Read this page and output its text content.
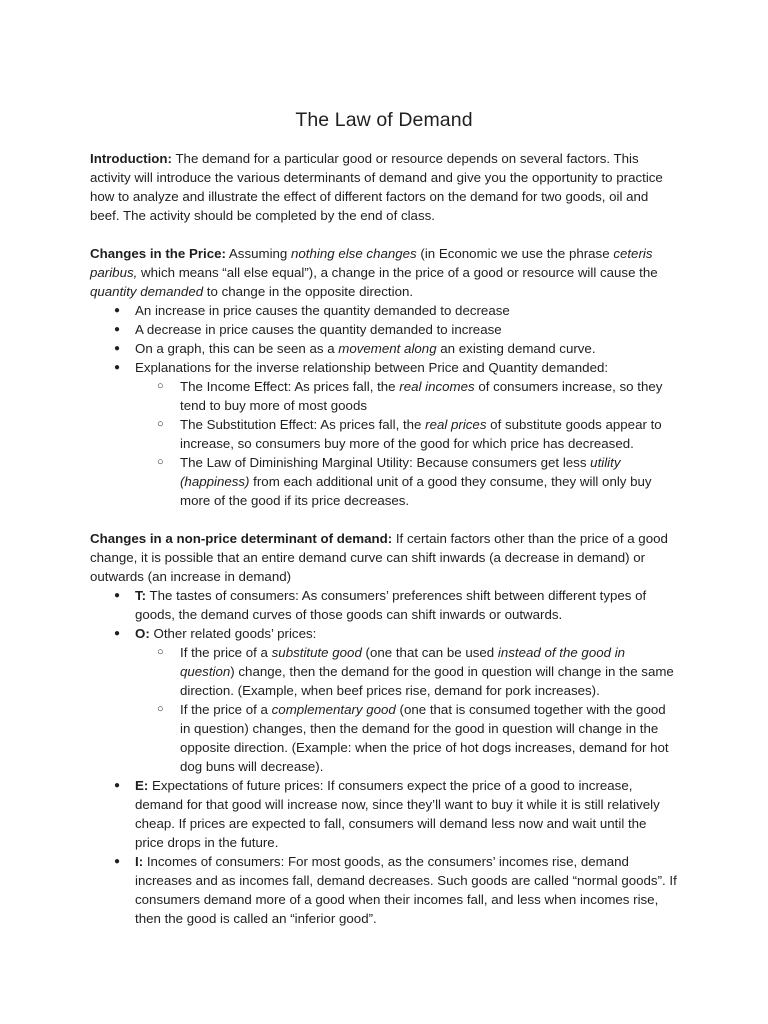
The Law of Demand

Introduction: The demand for a particular good or resource depends on several factors. This activity will introduce the various determinants of demand and give you the opportunity to practice how to analyze and illustrate the effect of different factors on the demand for two goods, oil and beef. The activity should be completed by the end of class.

Changes in the Price: Assuming nothing else changes (in Economic we use the phrase ceteris paribus, which means “all else equal”), a change in the price of a good or resource will cause the quantity demanded to change in the opposite direction.

● An increase in price causes the quantity demanded to decrease
● A decrease in price causes the quantity demanded to increase
● On a graph, this can be seen as a movement along an existing demand curve.
● Explanations for the inverse relationship between Price and Quantity demanded:
○ The Income Effect: As prices fall, the real incomes of consumers increase, so they tend to buy more of most goods
○ The Substitution Effect: As prices fall, the real prices of substitute goods appear to increase, so consumers buy more of the good for which price has decreased.
○ The Law of Diminishing Marginal Utility: Because consumers get less utility (happiness) from each additional unit of a good they consume, they will only buy more of the good if its price decreases.

Changes in a non-price determinant of demand: If certain factors other than the price of a good change, it is possible that an entire demand curve can shift inwards (a decrease in demand) or outwards (an increase in demand)

● T: The tastes of consumers: As consumers’ preferences shift between different types of goods, the demand curves of those goods can shift inwards or outwards.
● O: Other related goods’ prices:
○ If the price of a substitute good (one that can be used instead of the good in question) change, then the demand for the good in question will change in the same direction. (Example, when beef prices rise, demand for pork increases).
○ If the price of a complementary good (one that is consumed together with the good in question) changes, then the demand for the good in question will change in the opposite direction. (Example: when the price of hot dogs increases, demand for hot dog buns will decrease).
● E: Expectations of future prices: If consumers expect the price of a good to increase, demand for that good will increase now, since they’ll want to buy it while it is still relatively cheap. If prices are expected to fall, consumers will demand less now and wait until the price drops in the future.
● I: Incomes of consumers: For most goods, as the consumers’ incomes rise, demand increases and as incomes fall, demand decreases. Such goods are called “normal goods”. If consumers demand more of a good when their incomes fall, and less when incomes rise, then the good is called an “inferior good”.
